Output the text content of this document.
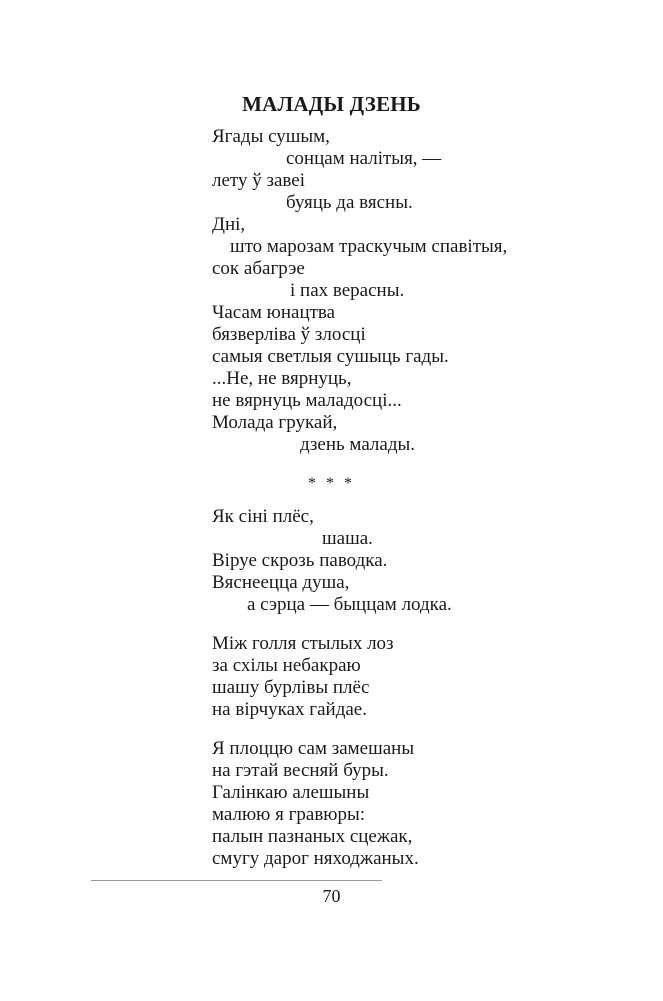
МАЛАДЫ ДЗЕНЬ
Ягады сушым,
сонцам налітыя, —
лету ў завеі
буяць да вясны.
Дні,
што марозам траскучым спавітыя,
сок абагрэе
і пах верасны.
Часам юнацтва
бязверліва ў злосці
самыя светлыя сушыць гады.
...Не, не вярнуць,
не вярнуць маладосці...
Молада грукай,
дзень малады.
* * *
Як сіні плёс,
шаша.
Віруе скрозь паводка.
Вяснеецца душа,
а сэрца — быццам лодка.
Між голля стылых лоз
за схілы небакраю
шашу бурлівы плёс
на вірчуках гайдае.
Я плоццю сам замешаны
на гэтай весняй буры.
Галінкаю алешыны
малюю я гравюры:
палын пазнаных сцежак,
смугу дарог няходжаных.
70
